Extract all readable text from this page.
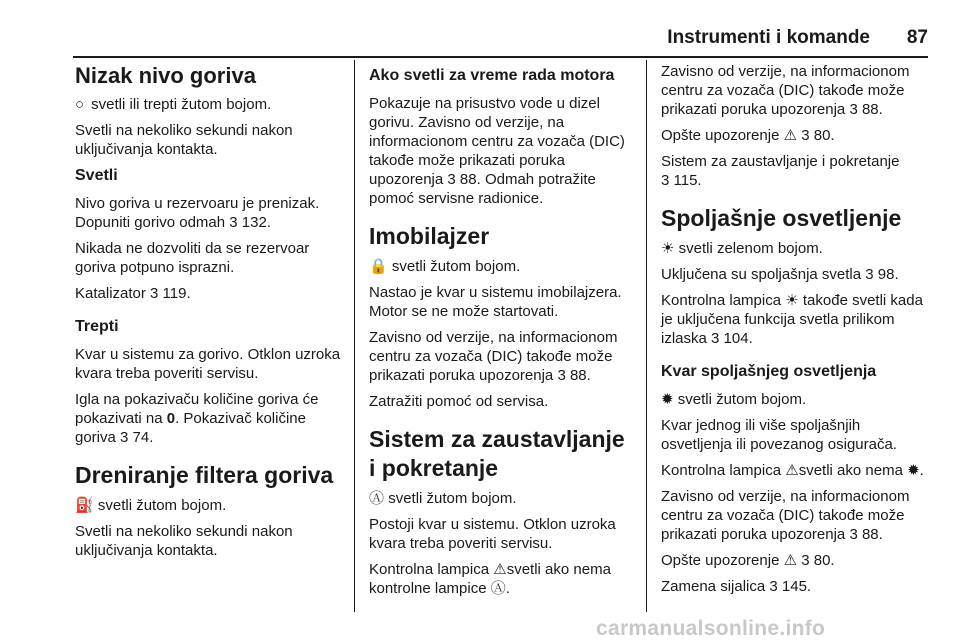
Instrumenti i komande 87
Nizak nivo goriva

○ svetli ili trepti žutom bojom.

Svetli na nekoliko sekundi nakon uključivanja kontakta.

Svetli

Nivo goriva u rezervoaru je prenizak. Dopuniti gorivo odmah 3 132.

Nikada ne dozvoliti da se rezervoar goriva potpuno isprazni.

Katalizator 3 119.

Trepti

Kvar u sistemu za gorivo. Otklon uzroka kvara treba poveriti servisu.

Igla na pokazivaču količine goriva će pokazivati na 0. Pokazivač količine goriva 3 74.

Dreniranje filtera goriva

⛽ svetli žutom bojom.

Svetli na nekoliko sekundi nakon uključivanja kontakta.

Ako svetli za vreme rada motora

Pokazuje na prisustvo vode u dizel gorivu. Zavisno od verzije, na informacionom centru za vozača (DIC) takođe može prikazati poruka upozorenja 3 88. Odmah potražite pomoć servisne radionice.

Imobilajzer

🔒 svetli žutom bojom.

Nastao je kvar u sistemu imobilajzera. Motor se ne može startovati.

Zavisno od verzije, na informacionom centru za vozača (DIC) takođe može prikazati poruka upozorenja 3 88.

Zatražiti pomoć od servisa.

Sistem za zaustavljanje i pokretanje

Ⓐ svetli žutom bojom.

Postoji kvar u sistemu. Otklon uzroka kvara treba poveriti servisu.

Kontrolna lampica ⚠svetli ako nema kontrolne lampice Ⓐ.

Zavisno od verzije, na informacionom centru za vozača (DIC) takođe može prikazati poruka upozorenja 3 88.

Opšte upozorenje ⚠ 3 80.

Sistem za zaustavljanje i pokretanje 3 115.

Spoljašnje osvetljenje

☀ svetli zelenom bojom.

Uključena su spoljašnja svetla 3 98.

Kontrolna lampica ☀ takođe svetli kada je uključena funkcija svetla prilikom izlaska 3 104.

Kvar spoljašnjeg osvetljenja

✹ svetli žutom bojom.

Kvar jednog ili više spoljašnjih osvetljenja ili povezanog osigurača.

Kontrolna lampica ⚠svetli ako nema ✹.

Zavisno od verzije, na informacionom centru za vozača (DIC) takođe može prikazati poruka upozorenja 3 88.

Opšte upozorenje ⚠ 3 80.

Zamena sijalica 3 145.

carmanualsonline.info
